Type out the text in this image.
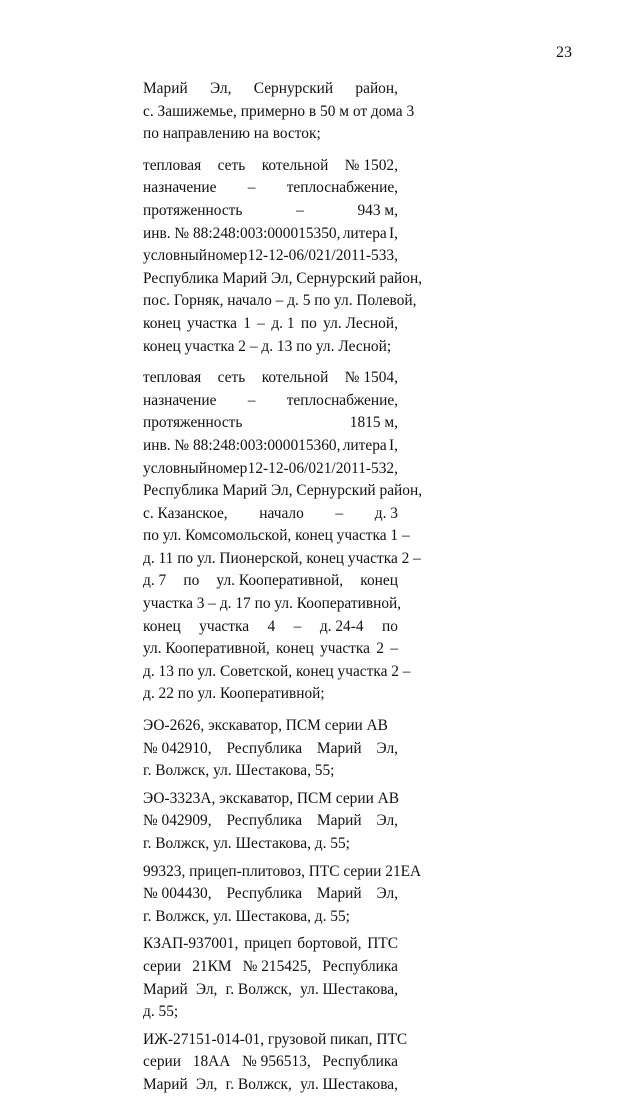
23
Марий Эл, Сернурский район,
с. Зашижемье, примерно в 50 м от дома 3
по направлению на восток;
тепловая сеть котельной № 1502,
назначение – теплоснабжение,
протяженность	–	943 м,
инв. № 88:248:003:000015350, литера I,
условный номер 12-12-06/021/2011-533,
Республика Марий Эл, Сернурский район,
пос. Горняк, начало – д. 5 по ул. Полевой,
конец участка 1 – д. 1 по ул. Лесной,
конец участка 2 – д. 13 по ул. Лесной;
тепловая сеть котельной № 1504,
назначение – теплоснабжение,
протяженность	1815 м,
инв. № 88:248:003:000015360, литера I,
условный номер 12-12-06/021/2011-532,
Республика Марий Эл, Сернурский район,
с. Казанское, начало – д. 3
по ул. Комсомольской, конец участка 1 –
д. 11 по ул. Пионерской, конец участка 2 –
д. 7 по ул. Кооперативной, конец
участка 3 – д. 17 по ул. Кооперативной,
конец участка 4 – д. 24-4 по
ул. Кооперативной, конец участка 2 –
д. 13 по ул. Советской, конец участка 2 –
д. 22 по ул. Кооперативной;
ЭО-2626, экскаватор, ПСМ серии АВ
№ 042910, Республика Марий Эл,
г. Волжск, ул. Шестакова, 55;
ЭО-3323А, экскаватор, ПСМ серии АВ
№ 042909, Республика Марий Эл,
г. Волжск, ул. Шестакова, д. 55;
99323, прицеп-плитовоз, ПТС серии 21ЕА
№ 004430, Республика Марий Эл,
г. Волжск, ул. Шестакова, д. 55;
КЗАП-937001, прицеп бортовой, ПТС
серии 21КМ № 215425, Республика
Марий Эл, г. Волжск, ул. Шестакова,
д. 55;
ИЖ-27151-014-01, грузовой пикап, ПТС
серии 18АА № 956513, Республика
Марий Эл, г. Волжск, ул. Шестакова,
